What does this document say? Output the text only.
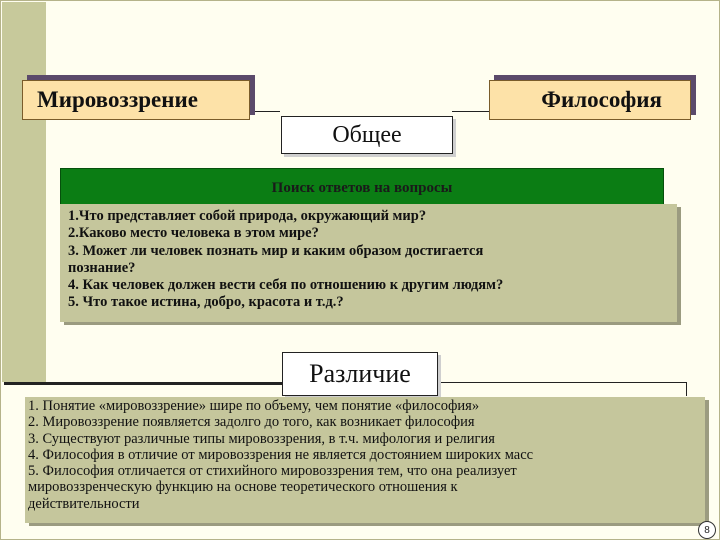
Мировоззрение	Философия
Общее
Поиск ответов на вопросы
1.Что представляет собой природа, окружающий мир?
2.Каково место человека в этом мире?
3. Может ли человек познать мир и каким образом достигается
познание?
4. Как человек должен вести себя по отношению к другим людям?
5. Что такое истина, добро, красота и т.д.?
Различие
1. Понятие «мировоззрение» шире по объему, чем понятие «философия»
2. Мировоззрение появляется задолго до того, как возникает философия
3. Существуют различные типы мировоззрения, в т.ч. мифология и религия
4. Философия в отличие от мировоззрения не является достоянием широких масс
5. Философия отличается от стихийного мировоззрения тем, что она реализует
мировоззренческую функцию на основе теоретического отношения к
действительности
8
